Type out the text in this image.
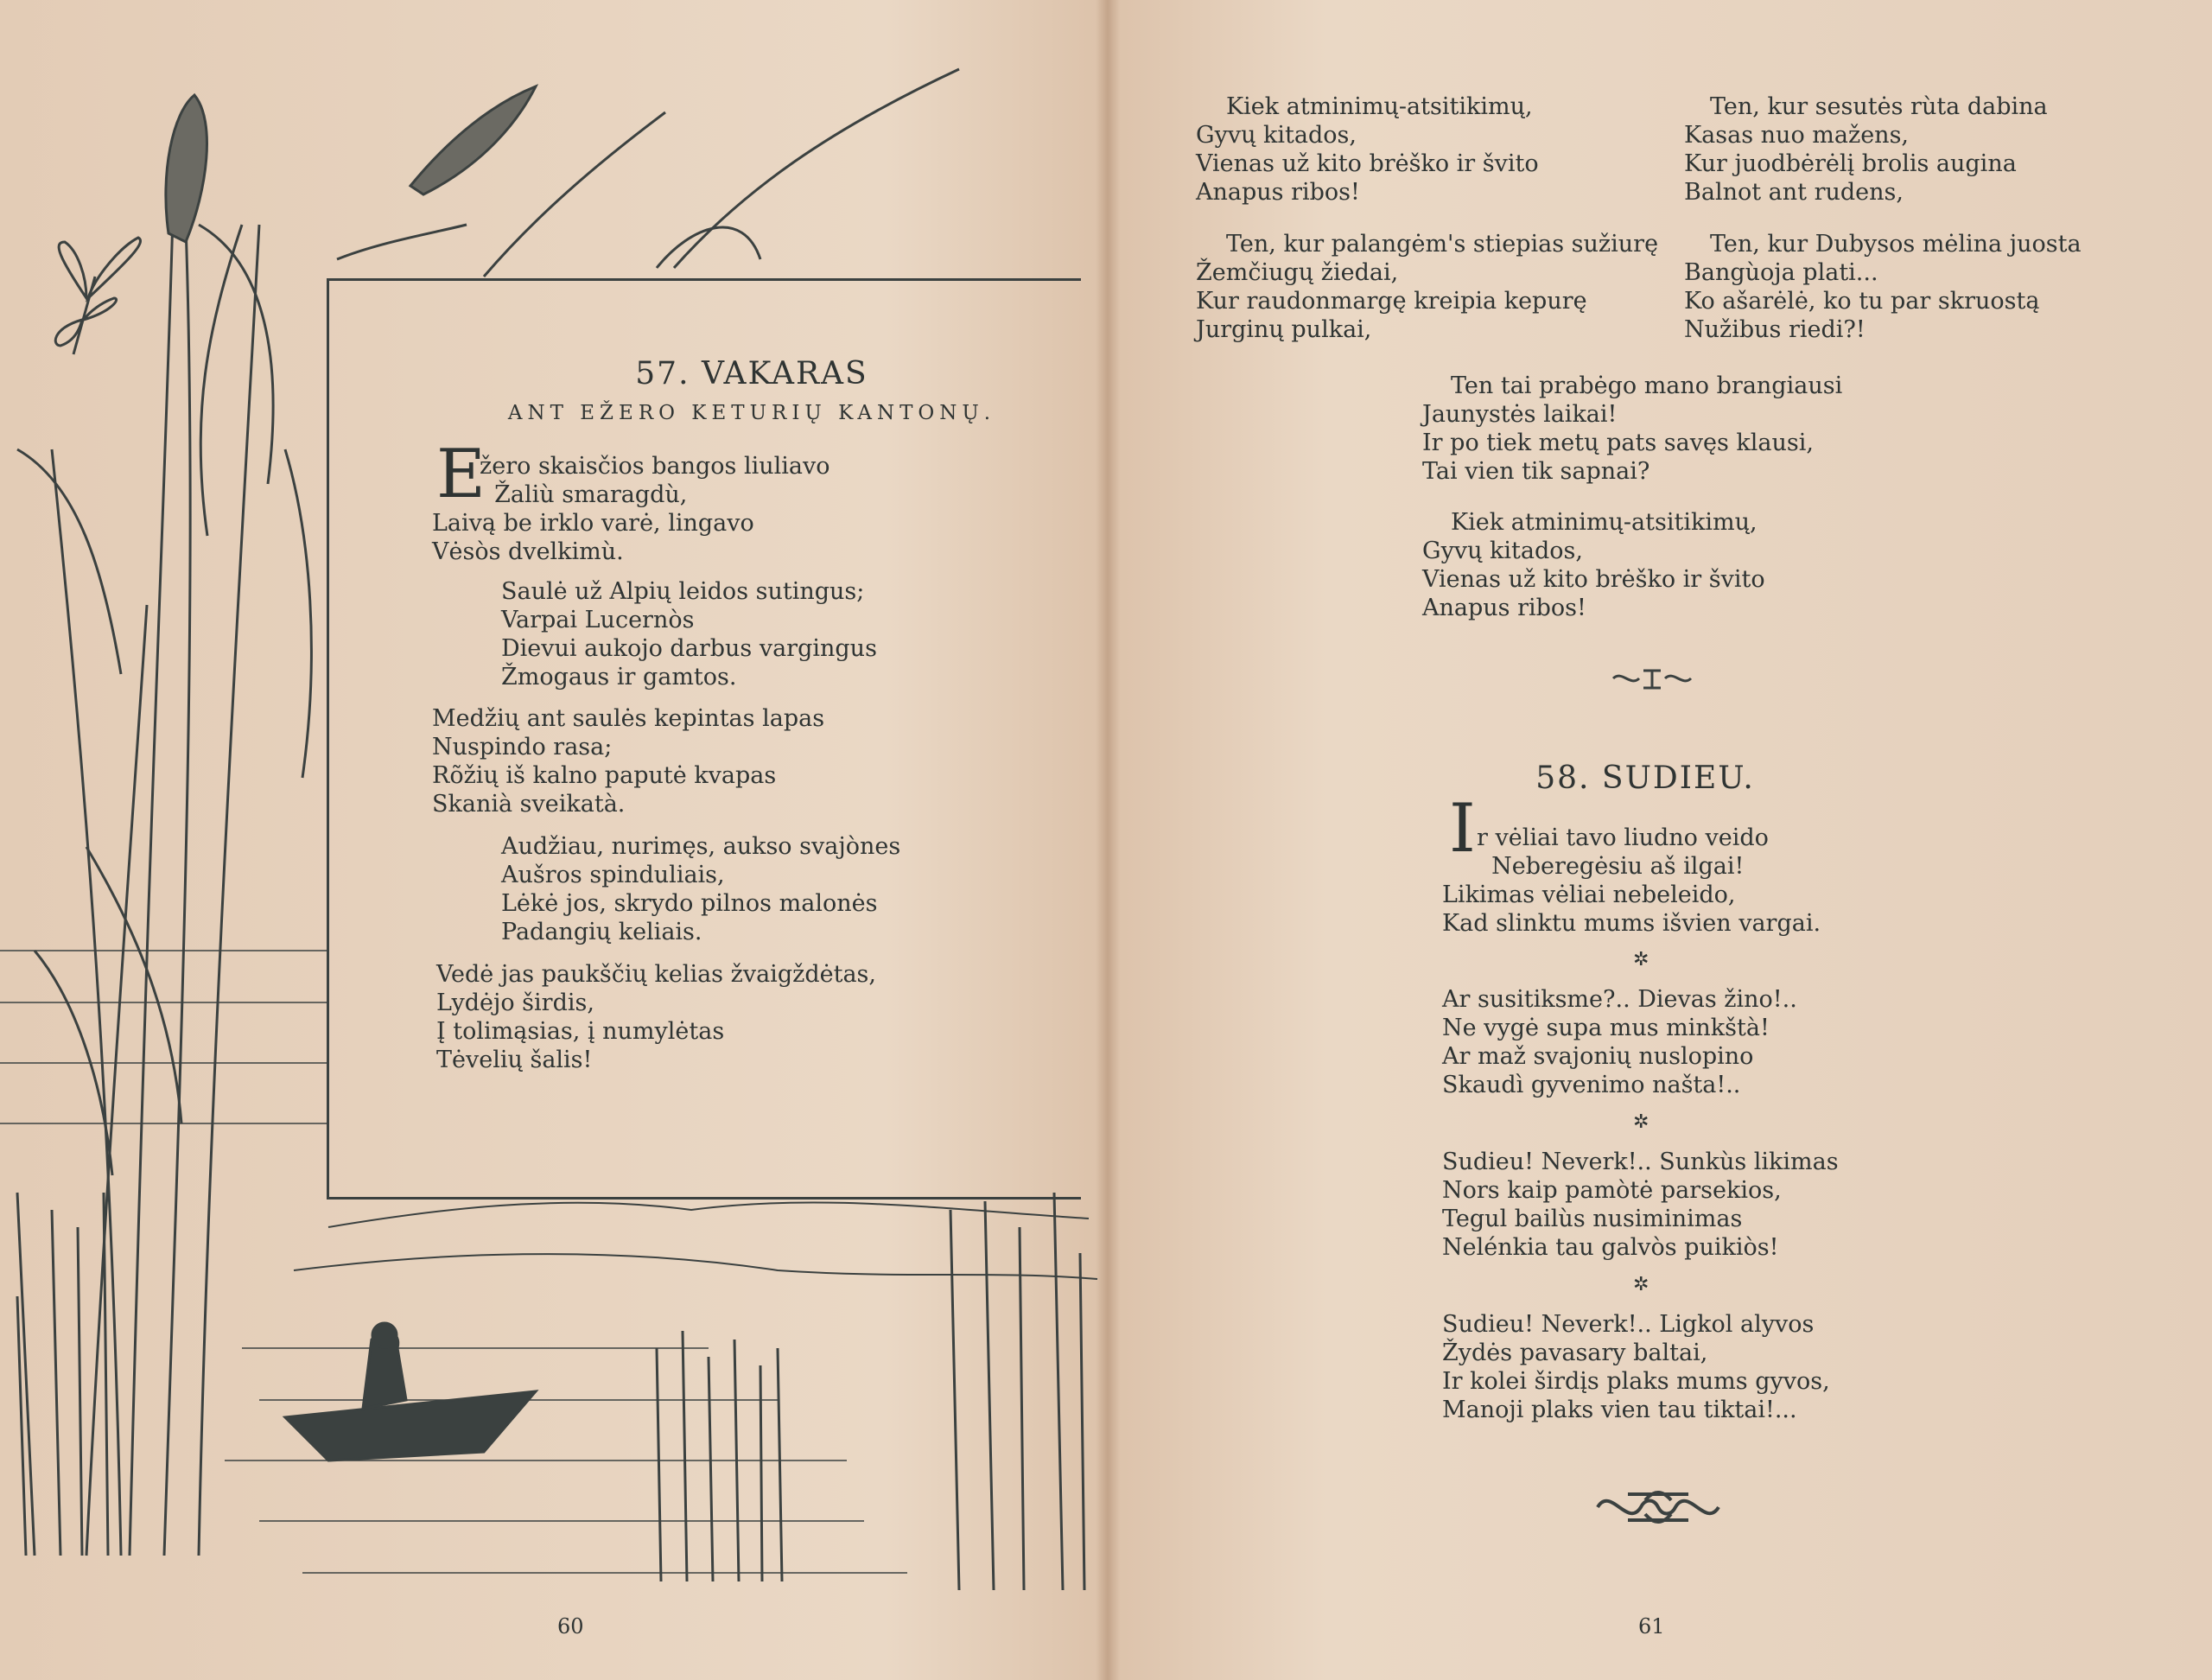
57. VAKARAS
ANT EŽERO KETURIŲ KANTONŲ.
E
žero skaisčios bangos liuliavo
Žaliù smaragdù,
Laivą be irklo varė, lingavo
Vėsòs dvelkimù.
Saulė už Alpių leidos sutingus;
Varpai Lucernòs
Dievui aukojo darbus vargingus
Žmogaus ir gamtos.
Medžių ant saulės kepintas lapas
Nuspindo rasa;
Rõžių iš kalno paputė kvapas
Skanià sveikatà.
Audžiau, nurimęs, aukso svajònes
Aušros spinduliais,
Lėkė jos, skrydo pilnos malonės
Padangių keliais.
Vedė jas paukščių kelias žvaigždėtas,
Lydėjo širdis,
Į tolimąsias, į numylėtas
Tėvelių šalis!
60
Kiek atminimų-atsitikimų,
Gyvų kitados,
Vienas už kito brėško ir švito
Anapus ribos!
Ten, kur palangėm's stiepias sužiurę
Žemčiugų žiedai,
Kur raudonmargę kreipia kepurę
Jurginų pulkai,
Ten, kur sesutės rùta dabina
Kasas nuo mažens,
Kur juodbėrėlį brolis augina
Balnot ant rudens,
Ten, kur Dubysos mėlina juosta
Bangùoja plati...
Ko ašarėlė, ko tu par skruostą
Nužibus riedi?!
Ten tai prabėgo mano brangiausi
Jaunystės laikai!
Ir po tiek metų pats savęs klausi,
Tai vien tik sapnai?
Kiek atminimų-atsitikimų,
Gyvų kitados,
Vienas už kito brėško ir švito
Anapus ribos!
58. SUDIEU.
I r vėliai tavo liudno veido
Neberegėsiu aš ilgai!
Likimas vėliai nebeleido,
Kad slinktu mums išvien vargai.
✲
Ar susitiksme?.. Dievas žino!..
Ne vygė supa mus minkštà!
Ar maž svajonių nuslopino
Skaudì gyvenimo našta!..
✲
Sudieu! Neverk!.. Sunkùs likimas
Nors kaip pamòtė parsekios,
Tegul bailùs nusiminimas
Nelénkia tau galvòs puikiòs!
✲
Sudieu! Neverk!.. Ligkol alyvos
Žydės pavasary baltai,
Ir kolei širdįs plaks mums gyvos,
Manoji plaks vien tau tiktai!...
61
